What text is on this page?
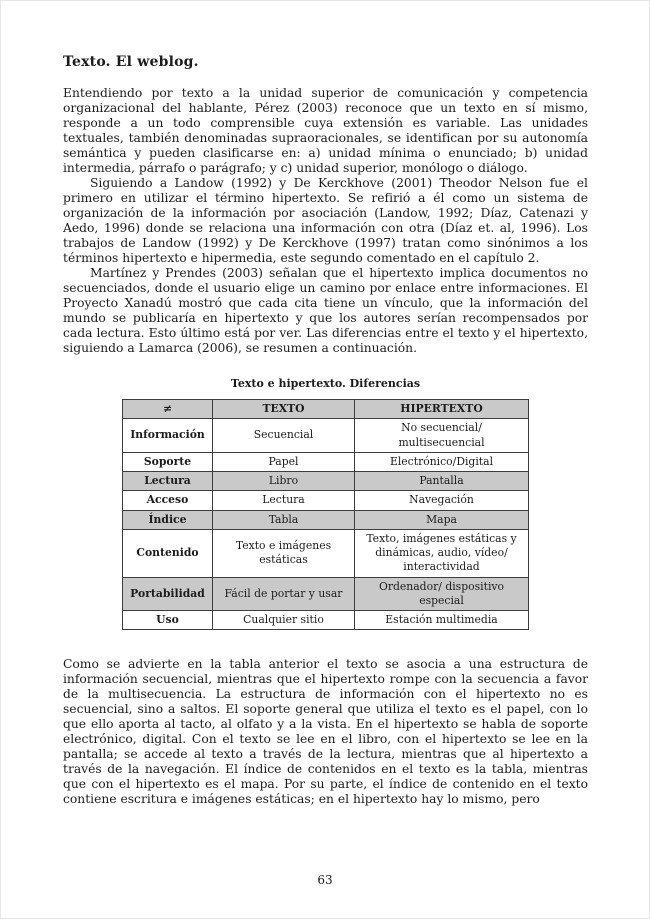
Texto. El weblog.

Entendiendo por texto a la unidad superior de comunicación y competencia organizacional del hablante, Pérez (2003) reconoce que un texto en sí mismo, responde a un todo comprensible cuya extensión es variable. Las unidades textuales, también denominadas supraoracionales, se identifican por su autonomía semántica y pueden clasificarse en: a) unidad mínima o enunciado; b) unidad intermedia, párrafo o parágrafo; y c) unidad superior, monólogo o diálogo.

Siguiendo a Landow (1992) y De Kerckhove (2001) Theodor Nelson fue el primero en utilizar el término hipertexto. Se refirió a él como un sistema de organización de la información por asociación (Landow, 1992; Díaz, Catenazi y Aedo, 1996) donde se relaciona una información con otra (Díaz et. al, 1996). Los trabajos de Landow (1992) y De Kerckhove (1997) tratan como sinónimos a los términos hipertexto e hipermedia, este segundo comentado en el capítulo 2.

Martínez y Prendes (2003) señalan que el hipertexto implica documentos no secuenciados, donde el usuario elige un camino por enlace entre informaciones. El Proyecto Xanadú mostró que cada cita tiene un vínculo, que la información del mundo se publicaría en hipertexto y que los autores serían recompensados por cada lectura. Esto último está por ver. Las diferencias entre el texto y el hipertexto, siguiendo a Lamarca (2006), se resumen a continuación.

Texto e hipertexto. Diferencias
≠	TEXTO	HIPERTEXTO
Información	Secuencial	No secuencial/ multisecuencial
Soporte	Papel	Electrónico/Digital
Lectura	Libro	Pantalla
Acceso	Lectura	Navegación
Índice	Tabla	Mapa
Contenido	Texto e imágenes estáticas	Texto, imágenes estáticas y dinámicas, audio, vídeo/ interactividad
Portabilidad	Fácil de portar y usar	Ordenador/ dispositivo especial
Uso	Cualquier sitio	Estación multimedia

Como se advierte en la tabla anterior el texto se asocia a una estructura de información secuencial, mientras que el hipertexto rompe con la secuencia a favor de la multisecuencia. La estructura de información con el hipertexto no es secuencial, sino a saltos. El soporte general que utiliza el texto es el papel, con lo que ello aporta al tacto, al olfato y a la vista. En el hipertexto se habla de soporte electrónico, digital. Con el texto se lee en el libro, con el hipertexto se lee en la pantalla; se accede al texto a través de la lectura, mientras que al hipertexto a través de la navegación. El índice de contenidos en el texto es la tabla, mientras que con el hipertexto es el mapa. Por su parte, el índice de contenido en el texto contiene escritura e imágenes estáticas; en el hipertexto hay lo mismo, pero

63
